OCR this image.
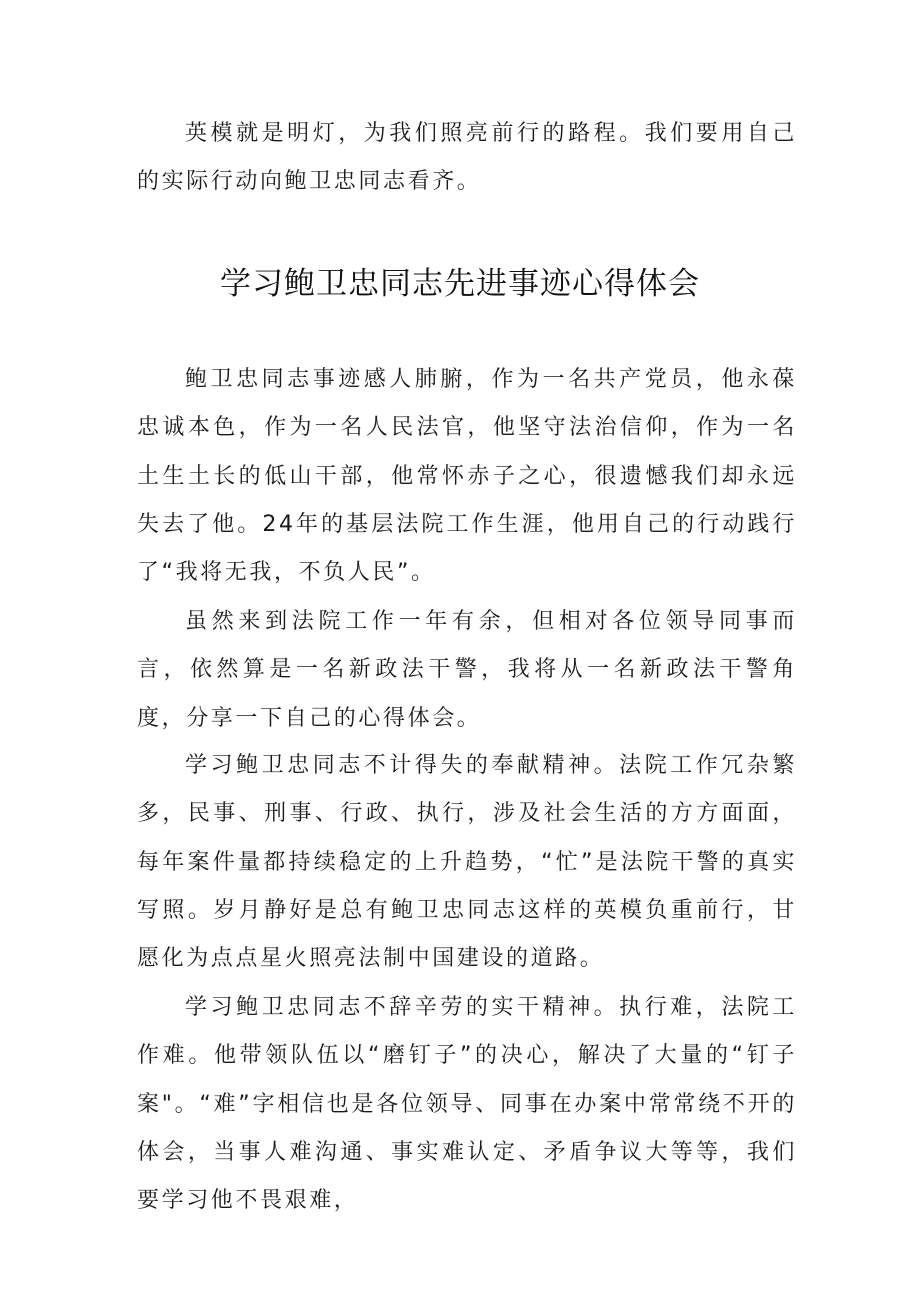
英模就是明灯，为我们照亮前行的路程。我们要用自己的实际行动向鲍卫忠同志看齐。

学习鲍卫忠同志先进事迹心得体会

鲍卫忠同志事迹感人肺腑，作为一名共产党员，他永葆忠诚本色，作为一名人民法官，他坚守法治信仰，作为一名土生土长的低山干部，他常怀赤子之心，很遗憾我们却永远失去了他。24年的基层法院工作生涯，他用自己的行动践行了“我将无我，不负人民”。

虽然来到法院工作一年有余，但相对各位领导同事而言，依然算是一名新政法干警，我将从一名新政法干警角度，分享一下自己的心得体会。

学习鲍卫忠同志不计得失的奉献精神。法院工作冗杂繁多，民事、刑事、行政、执行，涉及社会生活的方方面面，每年案件量都持续稳定的上升趋势，“忙”是法院干警的真实写照。岁月静好是总有鲍卫忠同志这样的英模负重前行，甘愿化为点点星火照亮法制中国建设的道路。

学习鲍卫忠同志不辞辛劳的实干精神。执行难，法院工作难。他带领队伍以“磨钉子”的决心，解决了大量的“钉子案"。“难”字相信也是各位领导、同事在办案中常常绕不开的体会，当事人难沟通、事实难认定、矛盾争议大等等，我们要学习他不畏艰难，
